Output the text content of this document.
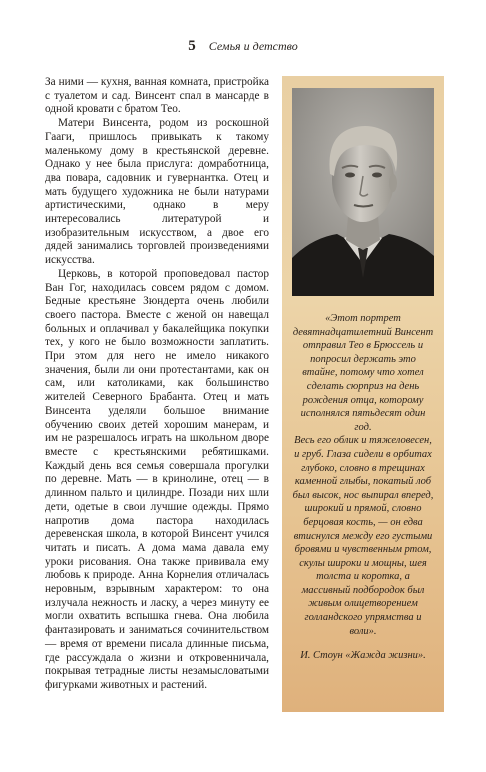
5 Семья и детство

За ними — кухня, ванная комната, пристройка с туалетом и сад. Винсент спал в мансарде в одной кровати с братом Тео.

Матери Винсента, родом из роскошной Гааги, пришлось привыкать к такому маленькому дому в крестьянской деревне. Однако у нее была прислуга: домработница, два повара, садовник и гувернантка. Отец и мать будущего художника не были натурами артистическими, однако в меру интересовались литературой и изобразительным искусством, а двое его дядей занимались торговлей произведениями искусства.

Церковь, в которой проповедовал пастор Ван Гог, находилась совсем рядом с домом. Бедные крестьяне Зюндерта очень любили своего пастора. Вместе с женой он навещал больных и оплачивал у бакалейщика покупки тех, у кого не было возможности заплатить. При этом для него не имело никакого значения, были ли они протестантами, как он сам, или католиками, как большинство жителей Северного Брабанта. Отец и мать Винсента уделяли большое внимание обучению своих детей хорошим манерам, и им не разрешалось играть на школьном дворе вместе с крестьянскими ребятишками. Каждый день вся семья совершала прогулки по деревне. Мать — в кринолине, отец — в длинном пальто и цилиндре. Позади них шли дети, одетые в свои лучшие одежды. Прямо напротив дома пастора находилась деревенская школа, в которой Винсент учился читать и писать. А дома мама давала ему уроки рисования. Она также прививала ему любовь к природе. Анна Корнелия отличалась неровным, взрывным характером: то она излучала нежность и ласку, а через минуту ее могли охватить вспышка гнева. Она любила фантазировать и заниматься сочинительством — время от времени писала длинные письма, где рассуждала о жизни и откровенничала, покрывая тетрадные листы незамысловатыми фигурками животных и растений.

«Этот портрет девятнадцатилетний Винсент отправил Тео в Брюссель и попросил держать это втайне, потому что хотел сделать сюрприз на день рождения отца, которому исполнялся пятьдесят один год.

Весь его облик и тяжеловесен, и груб. Глаза сидели в орбитах глубоко, словно в трещинах каменной глыбы, покатый лоб был высок, нос выпирал вперед, широкий и прямой, словно берцовая кость, — он едва втиснулся между его густыми бровями и чувственным ртом, скулы широки и мощны, шея толста и коротка, а массивный подбородок был живым олицетворением голландского упрямства и воли».

И. Стоун «Жажда жизни».
